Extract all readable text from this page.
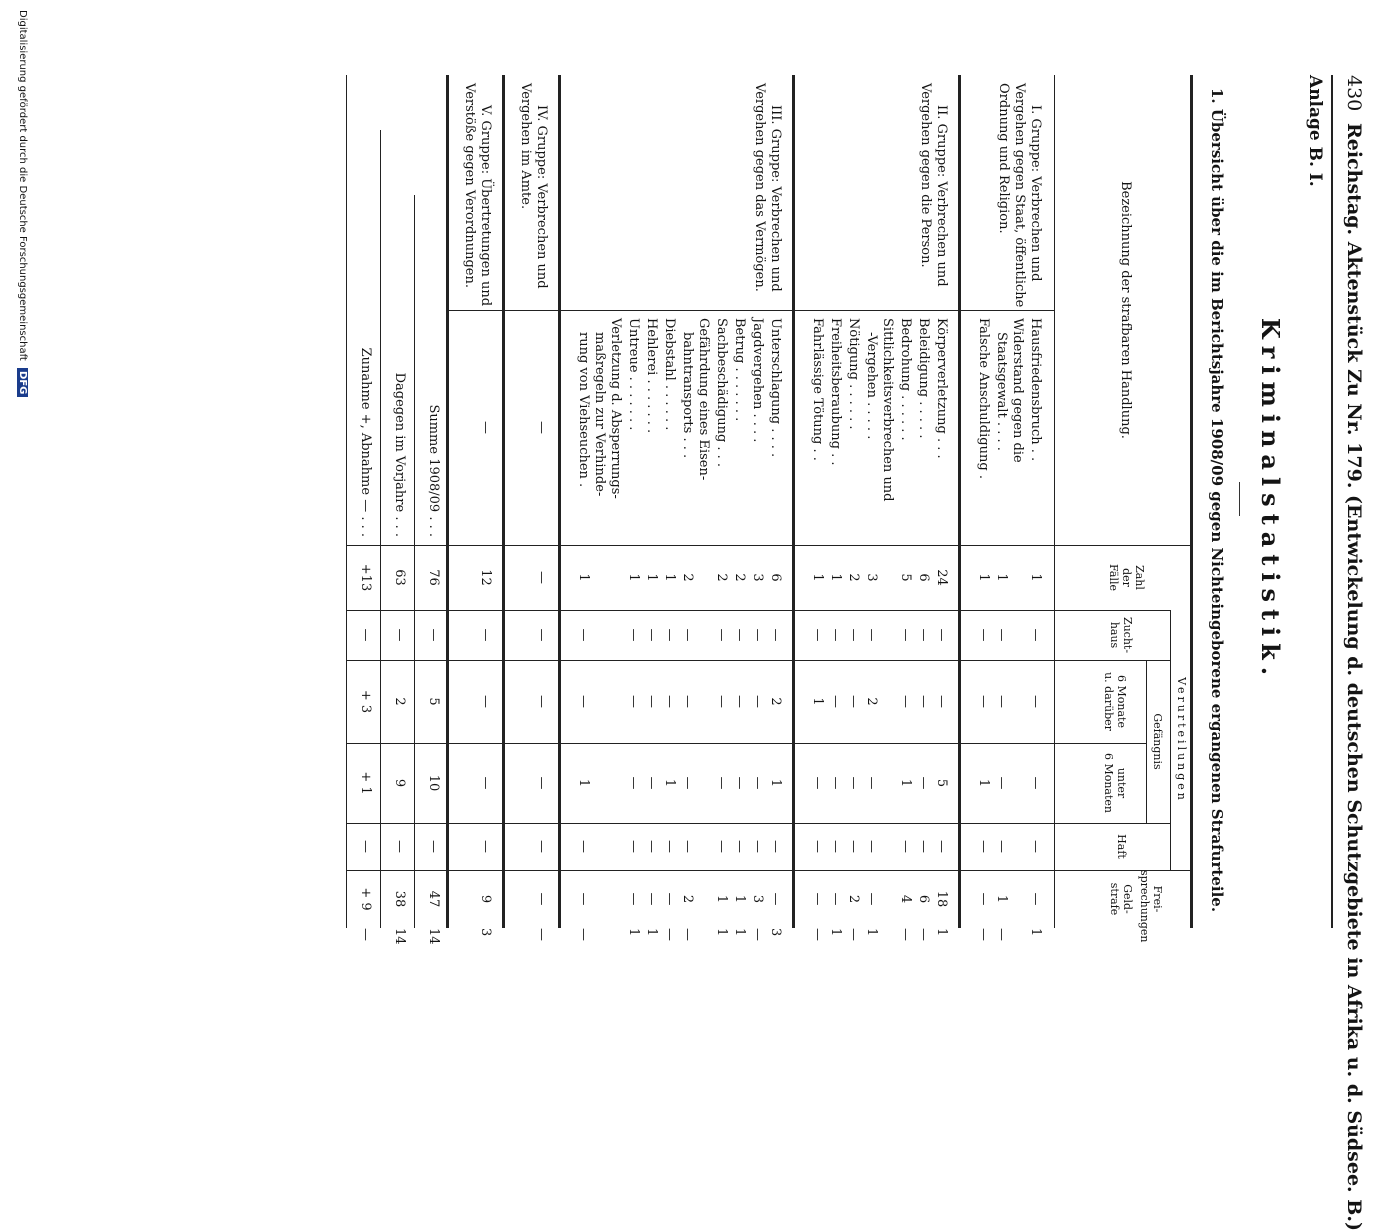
430
Reichstag. Aktenstück Zu Nr. 179. (Entwickelung d. deutschen Schutzgebiete in Afrika u. d. Südsee. B.)
Anlage B. I.
Kriminalstatistik.
1. Übersicht über die im Berichtsjahre 1908/09 gegen Nichteingeborene ergangenen Strafurteile.
Bezeichnung der strafbaren Handlung.
Zahl
der
Fälle
Verurteilungen
Zucht-
haus
Gefängnis
6 Monate
u. darüber
unter
6 Monaten
Haft
Geld-
strafe	Frei-
sprechungen
Hausfriedensbruch . .
1
—
—
—
—
—
1
Widerstand gegen die
Staatsgewalt . . . .
1
—
—
—
—
1
—
Falsche Anschuldigung .
1
—
—
1
—
—
—
I. Gruppe: Verbrechen und
Vergehen gegen Staat, öffentliche
Ordnung und Religion.
Körperverletzung . . .
24
—
—
5
—
18
1
Beleidigung . . . . .
6
—
—
—
—
6
—
Bedrohung . . . . . .
5
—
—
1
—
4
—
Sittlichkeitsverbrechen und
-Vergehen . . . . .
3
—
2
—
—
—
1
Nötigung . . . . . .
2
—
—
—
—
2
—
Freiheitsberaubung . .
1
—
—
—
—
—
1
Fahrlässige Tötung . .
1
—
1
—
—
—
—
II. Gruppe: Verbrechen und
Vergehen gegen die Person.
Unterschlagung . . . .
6
—
2
1
—
—
3
Jagdvergehen . . . .
3
—
—
—
—
3
—
Betrug . . . . . . .
2
—
—
—
—
1
1
Sachbeschädigung . . .
2
—
—
—
—
1
1
Gefährdung eines Eisen-
bahntransports . . .
2
—
—
—
—
2
—
Diebstahl . . . . . .
1
—
—
1
—
—
—
Hehlerei . . . . . . .
1
—
—
—
—
—
1
Untreue . . . . . . .
1
—
—
—
—
—
1
Verletzung d. Absperrungs-
maßregeln zur Verhinde-
rung von Viehseuchen .
1
—
—
1
—
—
—
III. Gruppe: Verbrechen und
Vergehen gegen das Vermögen.
—
—
—
—
—
—
—
—
IV. Gruppe: Verbrechen und
Vergehen im Amte.
—
12
—
—
—
—
9
3
V. Gruppe: Übertretungen und
Verstöße gegen Verordnungen.
Summe 1908/09 . . .
76
—
5
10
—
47
14
Dagegen im Vorjahre . . .
63
—
2
9
—
38
14
Zunahme +, Abnahme — . . .
+13
—
+ 3
+ 1
—
+ 9
—
Digitalisierung gefördert durch die Deutsche Forschungsgemeinschaft DFG
